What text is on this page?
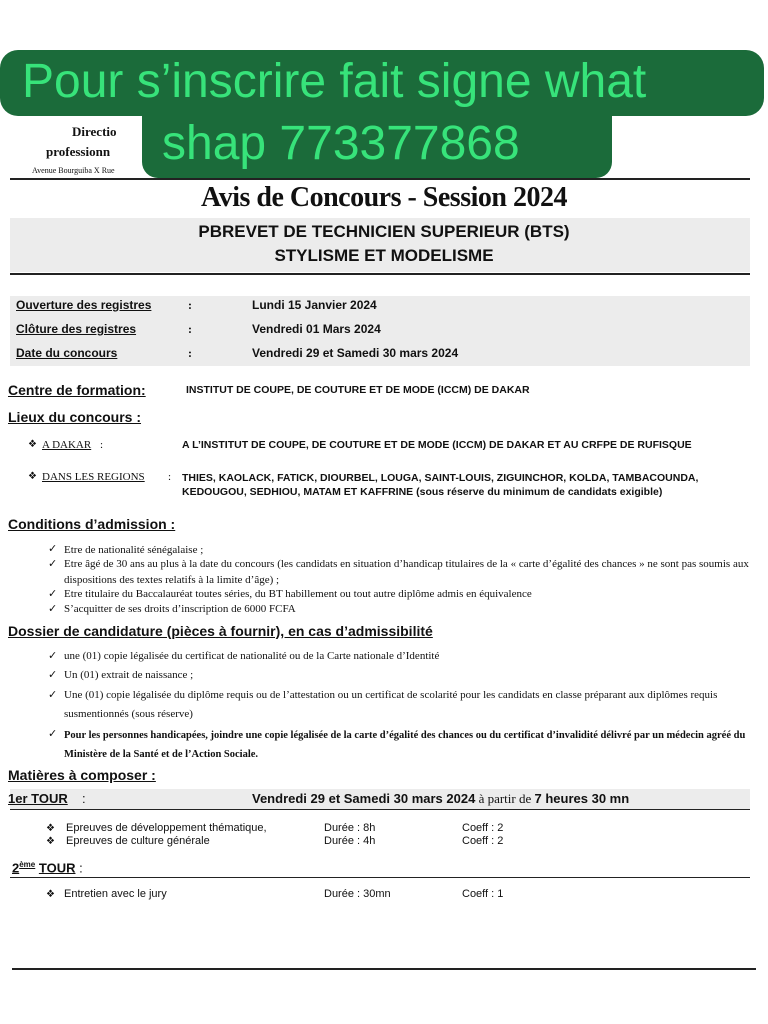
Directio
professionn
Avenue Bourguiba X Rue
Pour s’inscrire fait signe what
shap 773377868
Avis de Concours - Session 2024
PBREVET DE TECHNICIEN SUPERIEUR (BTS)
STYLISME ET MODELISME
Ouverture des registres	:	Lundi 15 Janvier 2024
Clôture des registres	:	Vendredi 01 Mars 2024
Date du concours	:	Vendredi 29 et Samedi 30 mars 2024
Centre de formation:	INSTITUT DE COUPE, DE COUTURE ET DE MODE (ICCM) DE DAKAR
Lieux du concours :
❖ A DAKAR :	A L’INSTITUT DE COUPE, DE COUTURE ET DE MODE (ICCM) DE DAKAR ET AU CRFPE DE RUFISQUE
❖ DANS LES REGIONS : THIES, KAOLACK, FATICK, DIOURBEL, LOUGA, SAINT-LOUIS, ZIGUINCHOR, KOLDA, TAMBACOUNDA, KEDOUGOU, SEDHIOU, MATAM ET KAFFRINE (sous réserve du minimum de candidats exigible)
Conditions d’admission :
✓ Etre de nationalité sénégalaise ;
✓ Etre âgé de 30 ans au plus à la date du concours (les candidats en situation d’handicap titulaires de la « carte d’égalité des chances » ne sont pas soumis aux dispositions des textes relatifs à la limite d’âge) ;
✓ Etre titulaire du Baccalauréat toutes séries, du BT habillement ou tout autre diplôme admis en équivalence
✓ S’acquitter de ses droits d’inscription de 6000 FCFA
Dossier de candidature (pièces à fournir), en cas d’admissibilité
✓ une (01) copie légalisée du certificat de nationalité ou de la Carte nationale d’Identité
✓ Un (01) extrait de naissance ;
✓ Une (01) copie légalisée du diplôme requis ou de l’attestation ou un certificat de scolarité pour les candidats en classe préparant aux diplômes requis susmentionnés (sous réserve)
✓ Pour les personnes handicapées, joindre une copie légalisée de la carte d’égalité des chances ou du certificat d’invalidité délivré par un médecin agréé du Ministère de la Santé et de l’Action Sociale.
Matières à composer :
1er TOUR :	Vendredi 29 et Samedi 30 mars 2024 à partir de 7 heures 30 mn
❖ Epreuves de développement thématique,	Durée : 8h	Coeff : 2
❖ Epreuves de culture générale	Durée : 4h	Coeff : 2
2ème TOUR :
❖ Entretien avec le jury	Durée : 30mn	Coeff : 1
